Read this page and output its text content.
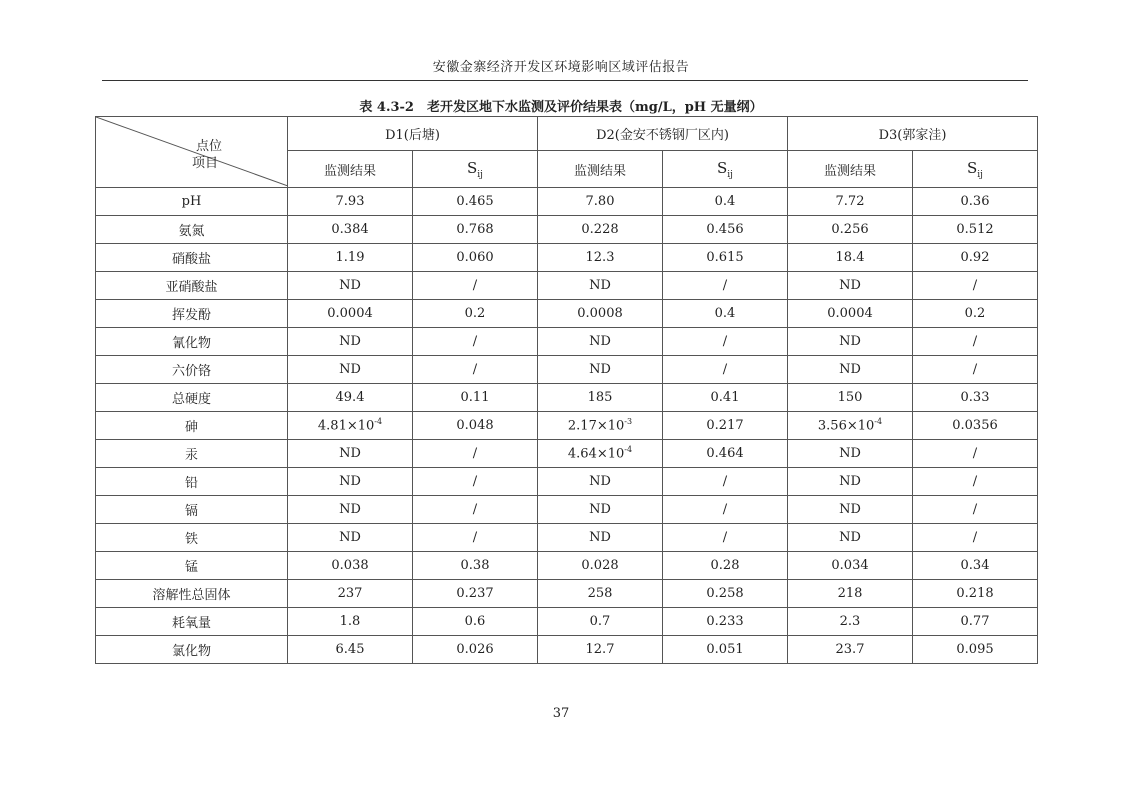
安徽金寨经济开发区环境影响区域评估报告
表 4.3-2　老开发区地下水监测及评价结果表（mg/L，pH 无量纲）
点位
项目	D1(后塘)		D2(金安不锈钢厂区内)		D3(郭家洼)	
	监测结果	$S_{ij}$	监测结果	$S_{ij}$	监测结果	$S_{ij}$
pH	7.93	0.465	7.80	0.4	7.72	0.36
氨氮	0.384	0.768	0.228	0.456	0.256	0.512
硝酸盐	1.19	0.060	12.3	0.615	18.4	0.92
亚硝酸盐	ND	/	ND	/	ND	/
挥发酚	0.0004	0.2	0.0008	0.4	0.0004	0.2
氰化物	ND	/	ND	/	ND	/
六价铬	ND	/	ND	/	ND	/
总硬度	49.4	0.11	185	0.41	150	0.33
砷	$4.81\times 10^{-4}$	0.048	$2.17\times 10^{-3}$	0.217	$3.56\times 10^{-4}$	0.0356
汞	ND	/	$4.64\times 10^{-4}$	0.464	ND	/
铅	ND	/	ND	/	ND	/
镉	ND	/	ND	/	ND	/
铁	ND	/	ND	/	ND	/
锰	0.038	0.38	0.028	0.28	0.034	0.34
溶解性总固体	237	0.237	258	0.258	218	0.218
耗氧量	1.8	0.6	0.7	0.233	2.3	0.77
氯化物	6.45	0.026	12.7	0.051	23.7	0.095
37
